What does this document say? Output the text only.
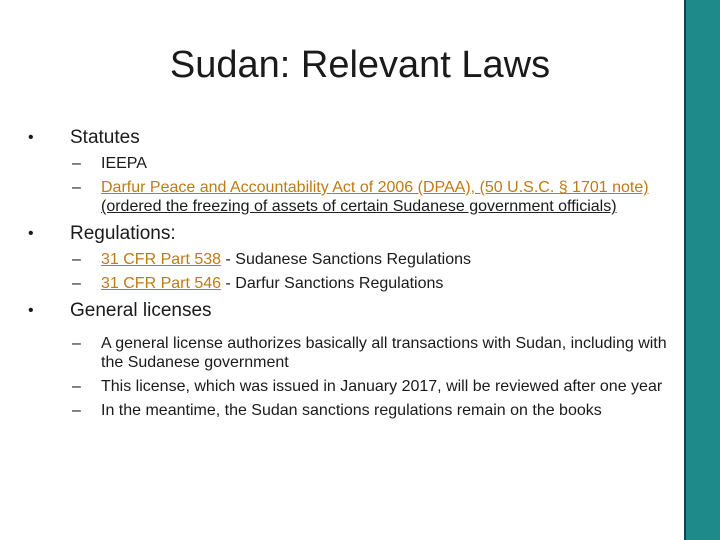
Sudan: Relevant Laws
• Statutes
– IEEPA
– Darfur Peace and Accountability Act of 2006 (DPAA), (50 U.S.C. § 1701 note) (ordered the freezing of assets of certain Sudanese government officials)
• Regulations:
– 31 CFR Part 538 - Sudanese Sanctions Regulations
– 31 CFR Part 546 - Darfur Sanctions Regulations
• General licenses
– A general license authorizes basically all transactions with Sudan, including with the Sudanese government
– This license, which was issued in January 2017, will be reviewed after one year
– In the meantime, the Sudan sanctions regulations remain on the books
